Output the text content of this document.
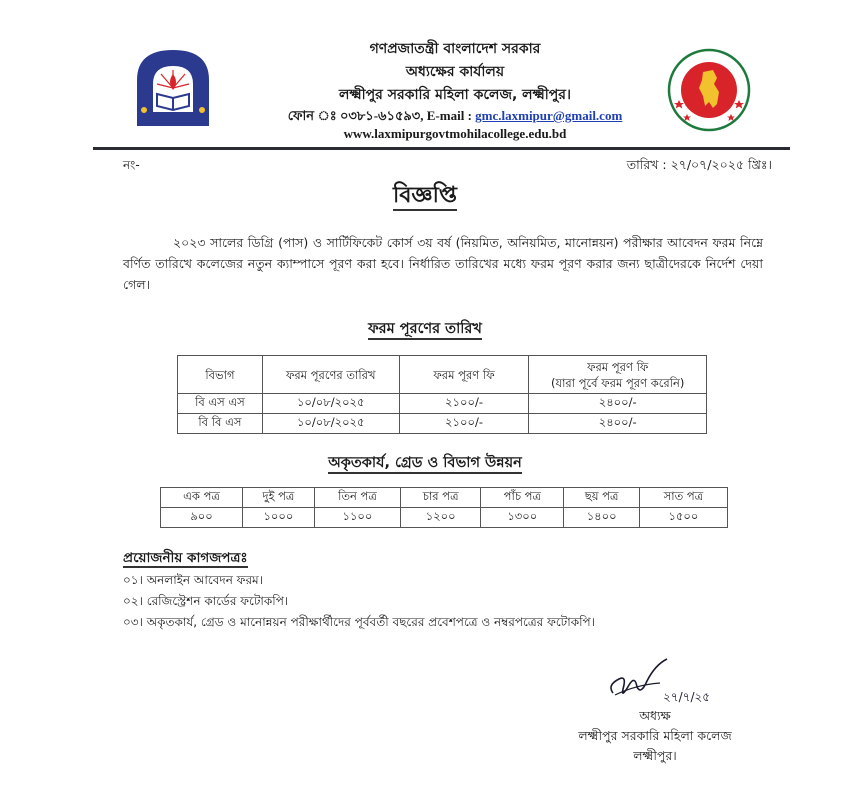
গণপ্রজাতন্ত্রী বাংলাদেশ সরকার
অধ্যক্ষের কার্যালয়
লক্ষ্মীপুর সরকারি মহিলা কলেজ, লক্ষ্মীপুর।
ফোন ঃ ০৩৮১-৬১৫৯৩, E-mail : gmc.laxmipur@gmail.com
www.laxmipurgovtmohilacollege.edu.bd
নং-	তারিখ : ২৭/০৭/২০২৫ খ্রিঃ।
বিজ্ঞপ্তি
২০২৩ সালের ডিগ্রি (পাস) ও সার্টিফিকেট কোর্স ৩য় বর্ষ (নিয়মিত, অনিয়মিত, মানোন্নয়ন) পরীক্ষার আবেদন ফরম নিম্নে বর্ণিত তারিখে কলেজের নতুন ক্যাম্পাসে পূরণ করা হবে। নির্ধারিত তারিখের মধ্যে ফরম পূরণ করার জন্য ছাত্রীদেরকে নির্দেশ দেয়া গেল।
ফরম পূরণের তারিখ
বিভাগ	ফরম পূরণের তারিখ	ফরম পূরণ ফি	ফরম পূরণ ফি
(যারা পূর্বে ফরম পূরণ করেনি)

বি এস এস	১০/০৮/২০২৫	২১০০/-	২৪০০/-
বি বি এস	১০/০৮/২০২৫	২১০০/-	২৪০০/-
অকৃতকার্য, গ্রেড ও বিভাগ উন্নয়ন
এক পত্র	দুই পত্র	তিন পত্র	চার পত্র	পাঁচ পত্র	ছয় পত্র	সাত পত্র
৯০০	১০০০	১১০০	১২০০	১৩০০	১৪০০	১৫০০
প্রয়োজনীয় কাগজপত্রঃ
০১। অনলাইন আবেদন ফরম।
০২। রেজিস্ট্রেশন কার্ডের ফটোকপি।
০৩। অকৃতকার্য, গ্রেড ও মানোন্নয়ন পরীক্ষার্থীদের পূর্ববর্তী বছরের প্রবেশপত্রে ও নম্বরপত্রের ফটোকপি।
২৭/৭/২৫
অধ্যক্ষ
লক্ষ্মীপুর সরকারি মহিলা কলেজ
লক্ষ্মীপুর।
